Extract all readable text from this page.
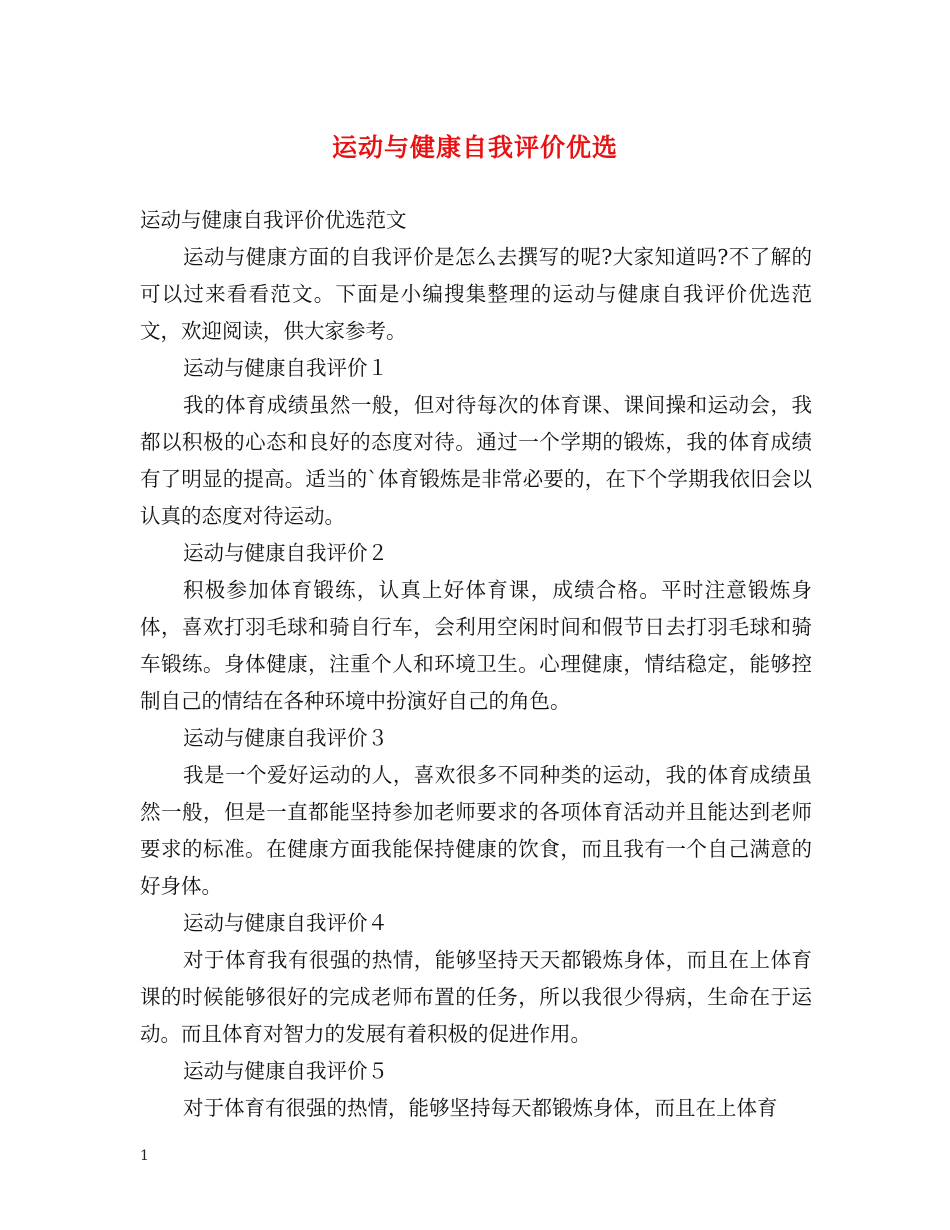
运动与健康自我评价优选

运动与健康自我评价优选范文

运动与健康方面的自我评价是怎么去撰写的呢?大家知道吗?不了解的可以过来看看范文。下面是小编搜集整理的运动与健康自我评价优选范文，欢迎阅读，供大家参考。

运动与健康自我评价１

我的体育成绩虽然一般，但对待每次的体育课、课间操和运动会，我都以积极的心态和良好的态度对待。通过一个学期的锻炼，我的体育成绩有了明显的提高。适当的`体育锻炼是非常必要的，在下个学期我依旧会以认真的态度对待运动。

运动与健康自我评价２

积极参加体育锻练，认真上好体育课，成绩合格。平时注意锻炼身体，喜欢打羽毛球和骑自行车，会利用空闲时间和假节日去打羽毛球和骑车锻练。身体健康，注重个人和环境卫生。心理健康，情结稳定，能够控制自己的情结在各种环境中扮演好自己的角色。

运动与健康自我评价３

我是一个爱好运动的人，喜欢很多不同种类的运动，我的体育成绩虽然一般，但是一直都能坚持参加老师要求的各项体育活动并且能达到老师要求的标准。在健康方面我能保持健康的饮食，而且我有一个自己满意的好身体。

运动与健康自我评价４

对于体育我有很强的热情，能够坚持天天都锻炼身体，而且在上体育课的时候能够很好的完成老师布置的任务，所以我很少得病，生命在于运动。而且体育对智力的发展有着积极的促进作用。

运动与健康自我评价５

对于体育有很强的热情，能够坚持每天都锻炼身体，而且在上体育

1
